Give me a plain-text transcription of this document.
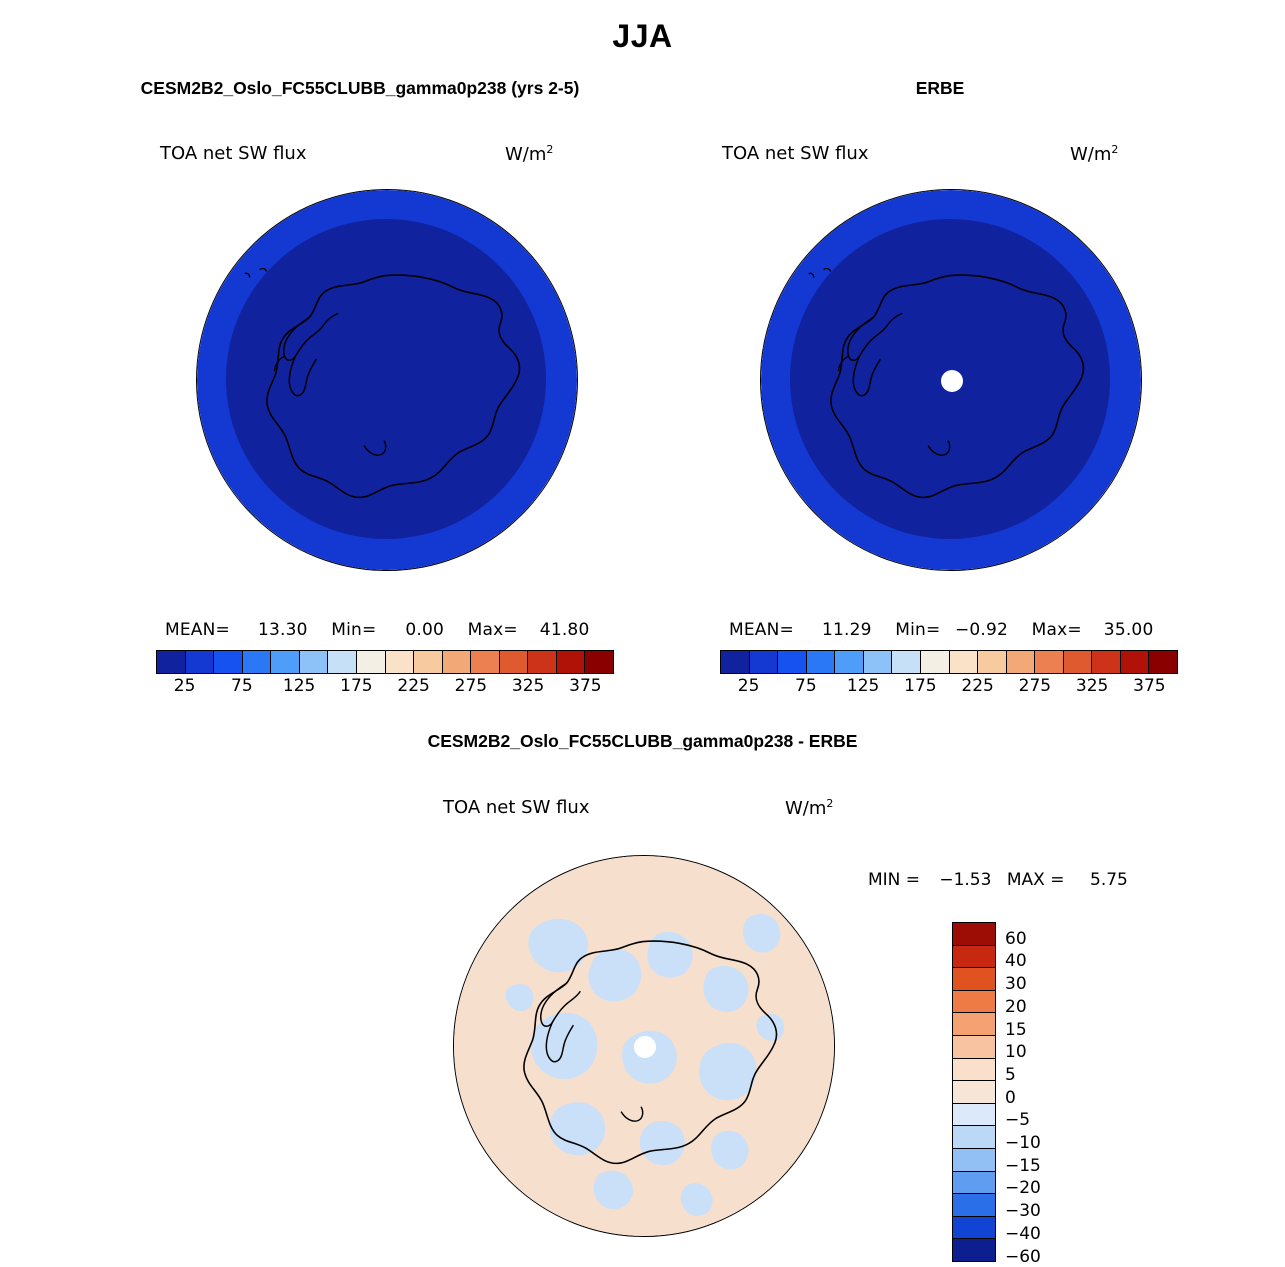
JJA
CESM2B2_Oslo_FC55CLUBB_gamma0p238 (yrs 2-5)	ERBE
CESM2B2_Oslo_FC55CLUBB_gamma0p238 - ERBE
TOA net SW flux	$W/m^2$
MEAN= 13.30 Min= 0.00 Max= 41.80
25 75 125 175 225 275 325 375
TOA net SW flux	$W/m^2$
MEAN= 11.29 Min= −0.92 Max= 35.00
25 75 125 175 225 275 325 375
TOA net SW flux	$W/m^2$
MIN = −1.53 MAX = 5.75
60
40
30
20
15
10
5
0
−5
−10
−15
−20
−30
−40
−60
